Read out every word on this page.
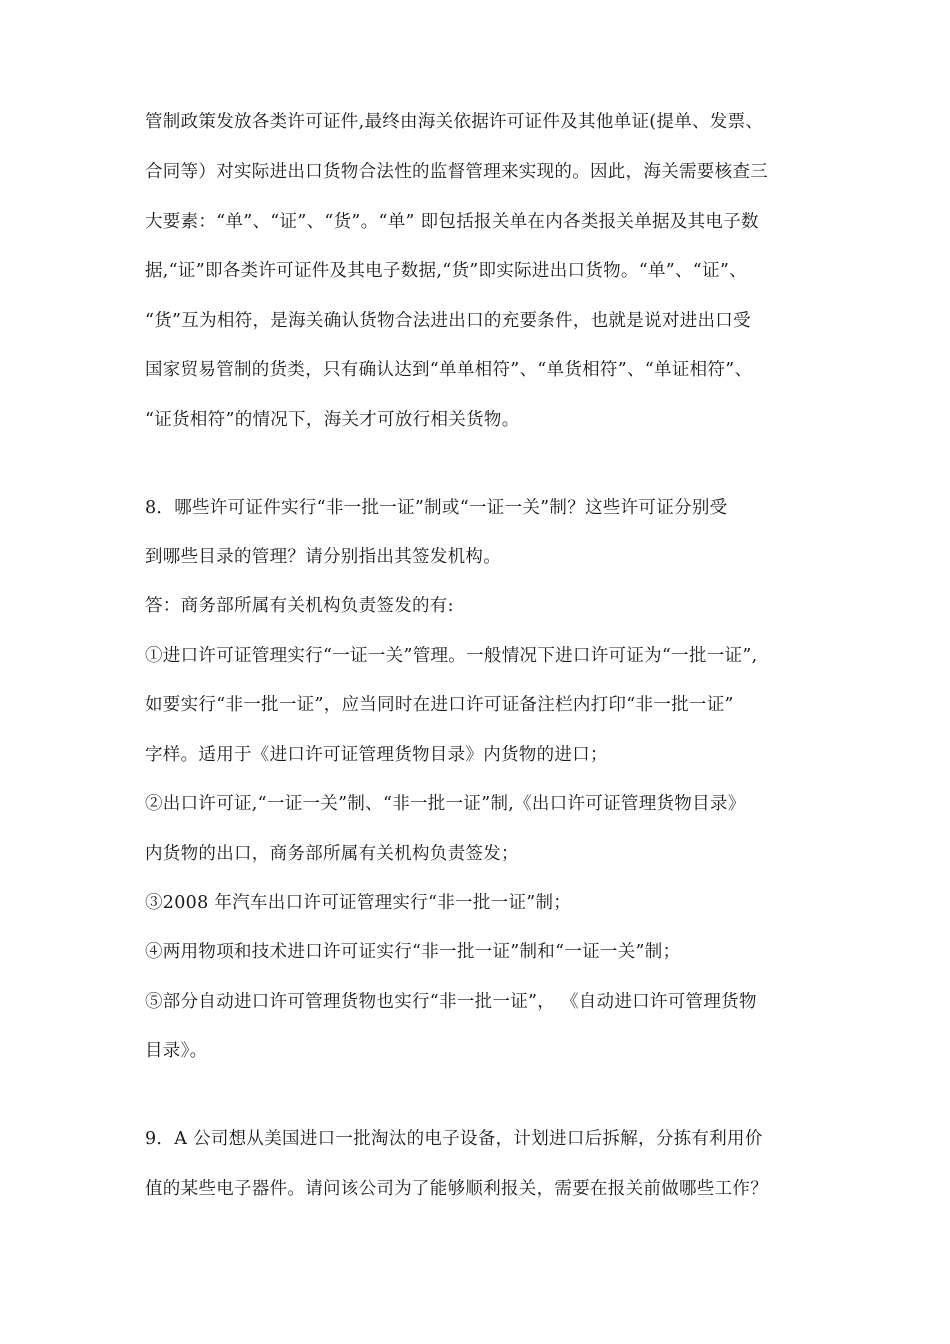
管制政策发放各类许可证件,最终由海关依据许可证件及其他单证(提单、发票、
合同等）对实际进出口货物合法性的监督管理来实现的。因此，海关需要核查三
大要素：“单”、“证”、“货”。“单” 即包括报关单在内各类报关单据及其电子数
据,“证”即各类许可证件及其电子数据,“货”即实际进出口货物。“单”、“证”、
“货”互为相符，是海关确认货物合法进出口的充要条件，也就是说对进出口受
国家贸易管制的货类，只有确认达到“单单相符”、“单货相符”、“单证相符”、
“证货相符”的情况下，海关才可放行相关货物。
8．哪些许可证件实行“非一批一证”制或“一证一关”制？这些许可证分别受
到哪些目录的管理？请分别指出其签发机构。
答：商务部所属有关机构负责签发的有:
①进口许可证管理实行“一证一关”管理。一般情况下进口许可证为“一批一证”,
如要实行“非一批一证”，应当同时在进口许可证备注栏内打印“非一批一证”
字样。适用于《进口许可证管理货物目录》内货物的进口；
②出口许可证,“一证一关”制、“非一批一证”制,《出口许可证管理货物目录》
内货物的出口，商务部所属有关机构负责签发；
③2008 年汽车出口许可证管理实行“非一批一证”制；
④两用物项和技术进口许可证实行“非一批一证”制和“一证一关”制；
⑤部分自动进口许可管理货物也实行“非一批一证”， 《自动进口许可管理货物
目录》。
9．A 公司想从美国进口一批淘汰的电子设备，计划进口后拆解，分拣有利用价
值的某些电子器件。请问该公司为了能够顺利报关，需要在报关前做哪些工作？
